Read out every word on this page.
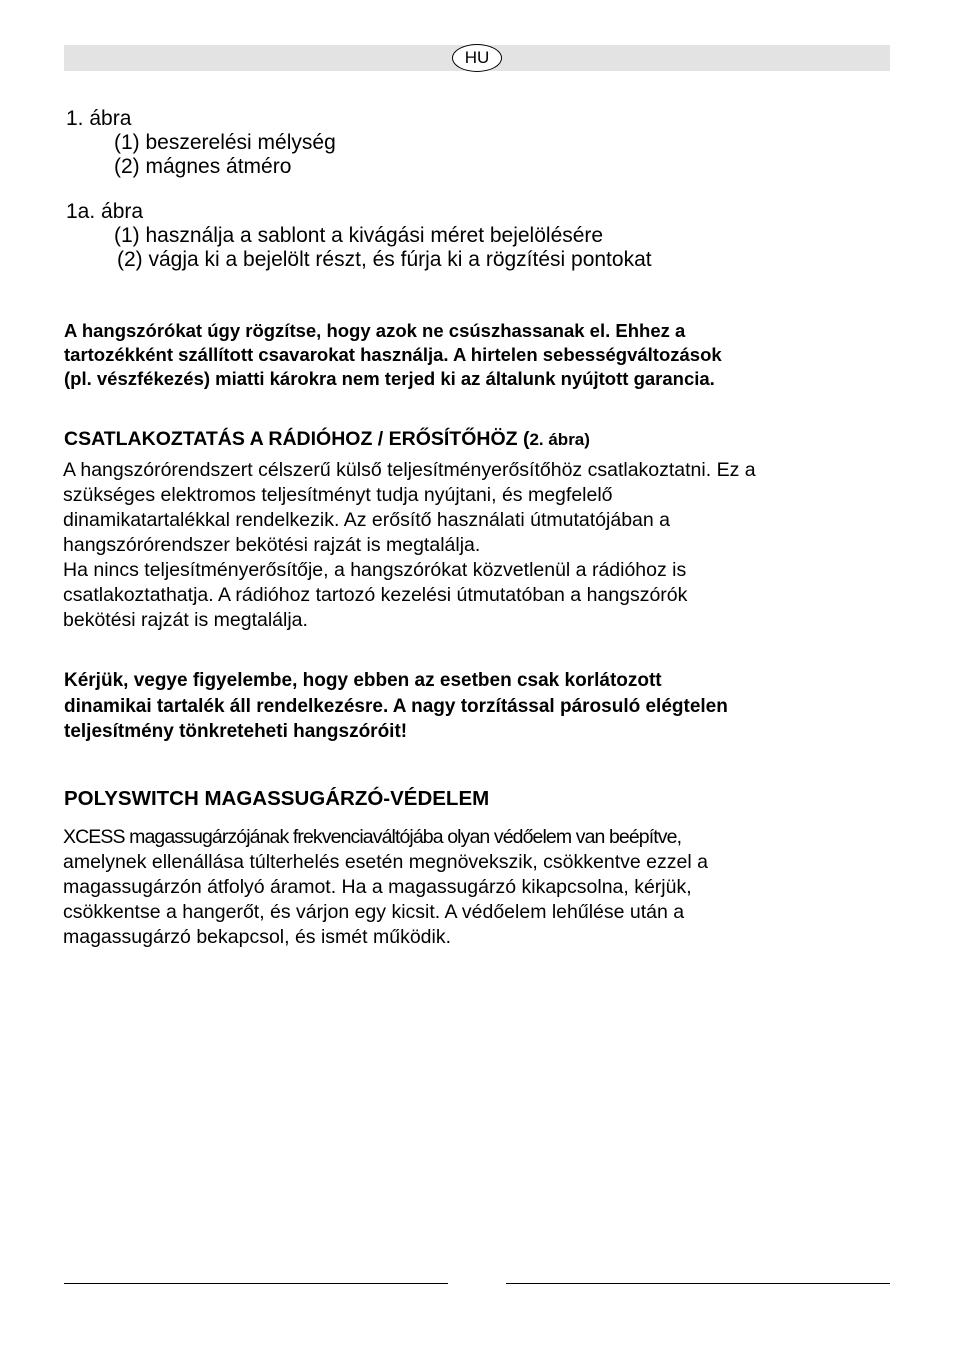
HU
1. ábra
(1) beszerelési mélység
(2) mágnes átméro
1a. ábra
(1) használja a sablont a kivágási méret bejelölésére
(2) vágja ki a bejelölt részt, és fúrja ki a rögzítési pontokat
A hangszórókat úgy rögzítse, hogy azok ne csúszhassanak el. Ehhez a
tartozékként szállított csavarokat használja. A hirtelen sebességváltozások
(pl. vészfékezés) miatti károkra nem terjed ki az általunk nyújtott garancia.
CSATLAKOZTATÁS A RÁDIÓHOZ / ERŐSÍTŐHÖZ (2. ábra)
A hangszórórendszert célszerű külső teljesítményerősítőhöz csatlakoztatni. Ez a
szükséges elektromos teljesítményt tudja nyújtani, és megfelelő
dinamikatartalékkal rendelkezik. Az erősítő használati útmutatójában a
hangszórórendszer bekötési rajzát is megtalálja.
Ha nincs teljesítményerősítője, a hangszórókat közvetlenül a rádióhoz is
csatlakoztathatja. A rádióhoz tartozó kezelési útmutatóban a hangszórók
bekötési rajzát is megtalálja.
Kérjük, vegye figyelembe, hogy ebben az esetben csak korlátozott
dinamikai tartalék áll rendelkezésre. A nagy torzítással párosuló elégtelen
teljesítmény tönkreteheti hangszóróit!
POLYSWITCH MAGASSUGÁRZÓ-VÉDELEM
XCESS magassugárzójának frekvenciaváltójába olyan védőelem van beépítve,
amelynek ellenállása túlterhelés esetén megnövekszik, csökkentve ezzel a
magassugárzón átfolyó áramot. Ha a magassugárzó kikapcsolna, kérjük,
csökkentse a hangerőt, és várjon egy kicsit. A védőelem lehűlése után a
magassugárzó bekapcsol, és ismét működik.
